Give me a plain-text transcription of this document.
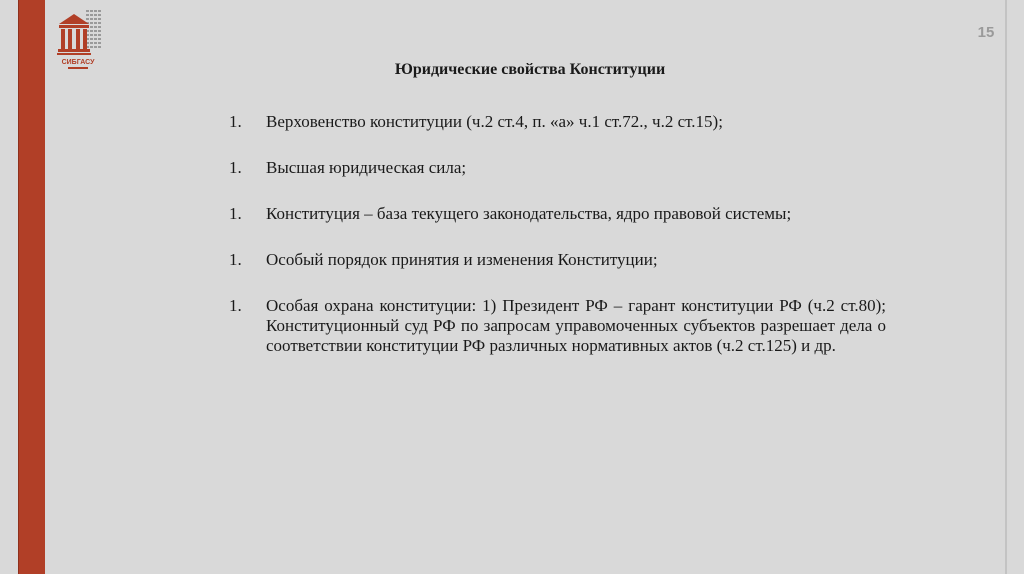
СИБГАСУ
15
Юридические свойства Конституции
1. Верховенство конституции (ч.2 ст.4, п. «а» ч.1 ст.72., ч.2 ст.15);
1. Высшая юридическая сила;
1. Конституция – база текущего законодательства, ядро правовой системы;
1. Особый порядок принятия и изменения Конституции;
1. Особая охрана конституции: 1) Президент РФ – гарант конституции РФ (ч.2 ст.80); Конституционный суд РФ по запросам управомоченных субъектов разрешает дела о соответствии конституции РФ различных нормативных актов (ч.2 ст.125) и др.
